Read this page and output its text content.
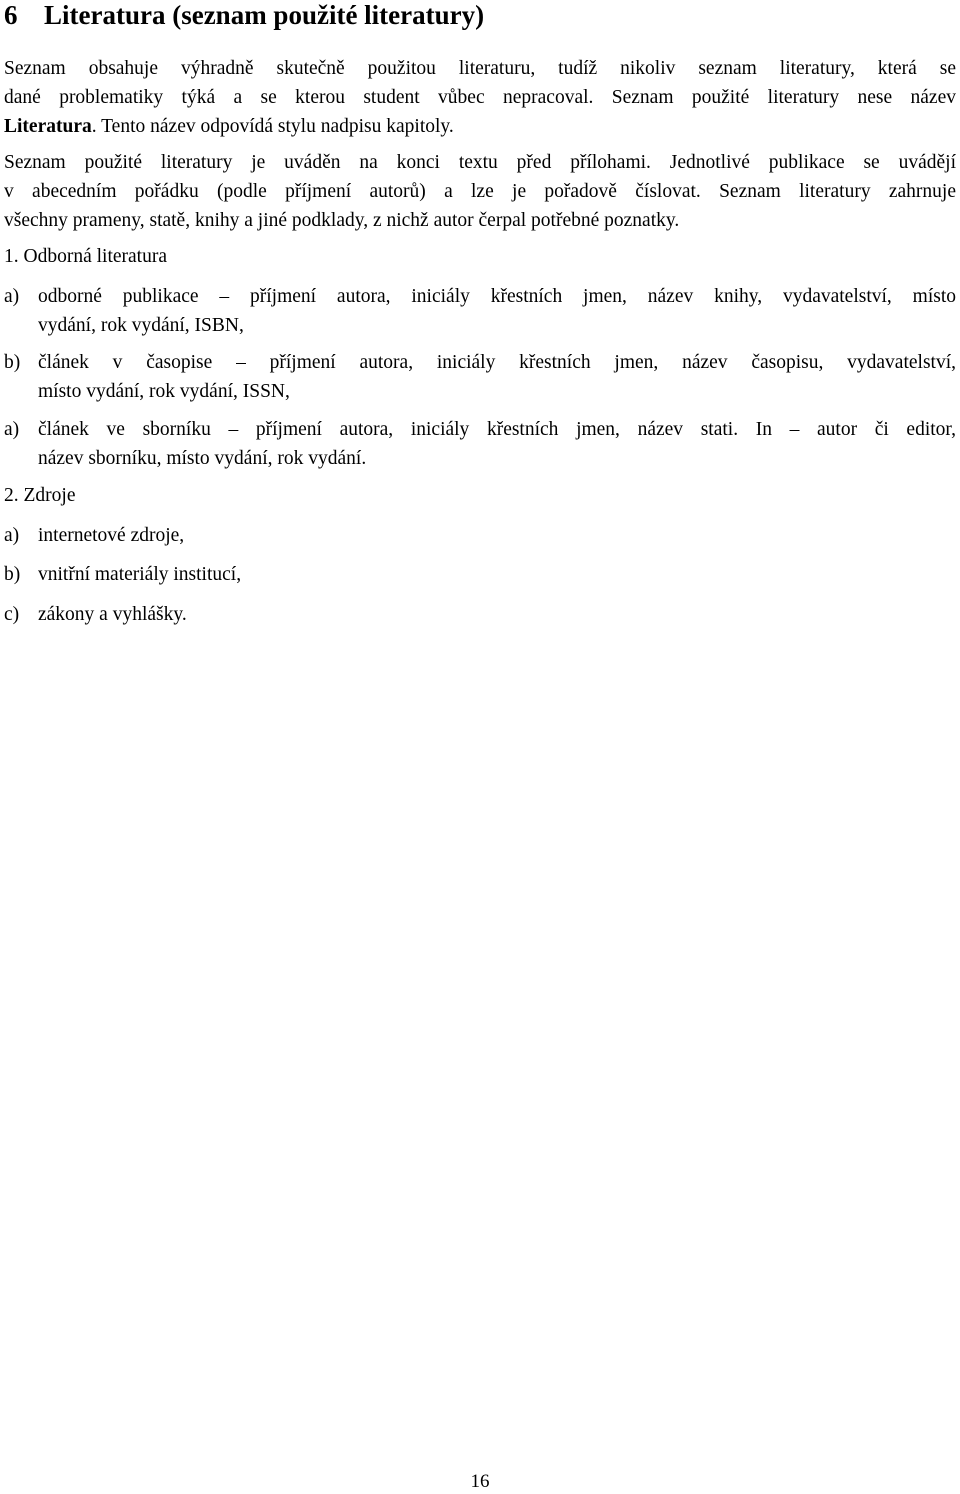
6 Literatura (seznam použité literatury)
Seznam obsahuje výhradně skutečně použitou literaturu, tudíž nikoliv seznam literatury, která se
dané problematiky týká a se kterou student vůbec nepracoval. Seznam použité literatury nese název
Literatura. Tento název odpovídá stylu nadpisu kapitoly.
Seznam použité literatury je uváděn na konci textu před přílohami. Jednotlivé publikace se uvádějí
v abecedním pořádku (podle příjmení autorů) a lze je pořadově číslovat. Seznam literatury zahrnuje
všechny prameny, statě, knihy a jiné podklady, z nichž autor čerpal potřebné poznatky.
1. Odborná literatura
a) odborné publikace – příjmení autora, iniciály křestních jmen, název knihy, vydavatelství, místo
vydání, rok vydání, ISBN,
b) článek v časopise – příjmení autora, iniciály křestních jmen, název časopisu, vydavatelství,
místo vydání, rok vydání, ISSN,
a) článek ve sborníku – příjmení autora, iniciály křestních jmen, název stati. In – autor či editor,
název sborníku, místo vydání, rok vydání.
2. Zdroje
a) internetové zdroje,
b) vnitřní materiály institucí,
c) zákony a vyhlášky.
16
